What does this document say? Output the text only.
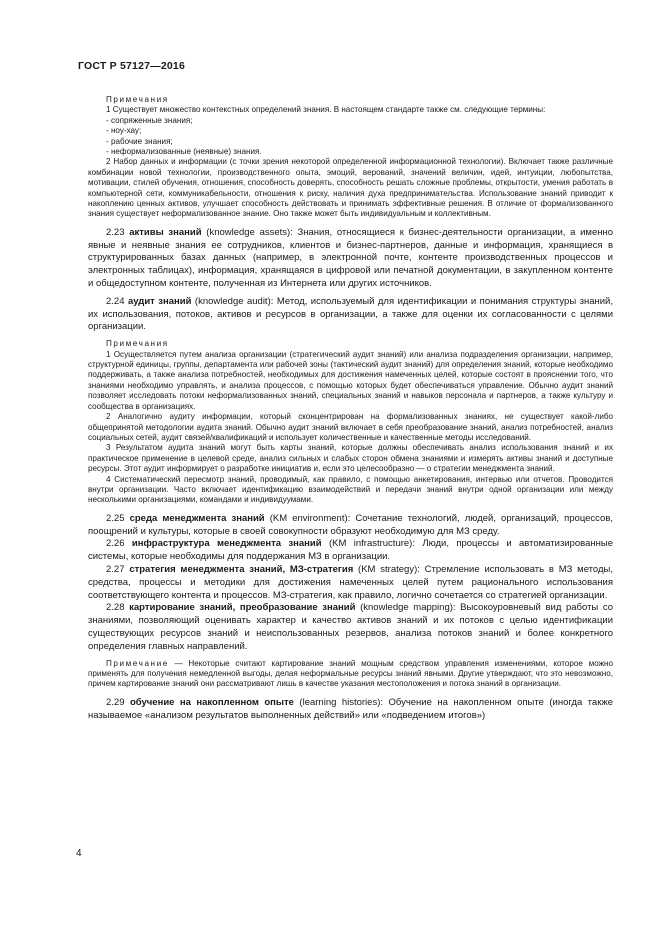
ГОСТ Р 57127—2016

Примечания

1 Существует множество контекстных определений знания. В настоящем стандарте также см. следующие термины:

- сопряженные знания;

- ноу-хау;

- рабочие знания;

- неформализованные (неявные) знания.

2 Набор данных и информации (с точки зрения некоторой определенной информационной технологии). Включает также различные комбинации новой технологии, производственного опыта, эмоций, верований, значений величин, идей, интуиции, любопытства, мотивации, стилей обучения, отношения, способность доверять, способность решать сложные проблемы, открытости, умения работать в компьютерной сети, коммуникабельности, отношения к риску, наличия духа предпринимательства. Использование знаний приводит к накоплению ценных активов, улучшает способность действовать и принимать эффективные решения. В отличие от формализованного знания существует неформализованное знание. Оно также может быть индивидуальным и коллективным.

2.23 активы знаний (knowledge assets): Знания, относящиеся к бизнес-деятельности организации, а именно явные и неявные знания ее сотрудников, клиентов и бизнес-партнеров, данные и информация, хранящиеся в структурированных базах данных (например, в электронной почте, контенте производственных процессов и электронных таблицах), информация, хранящаяся в цифровой или печатной документации, в закупленном контенте и общедоступном контенте, полученная из Интернета или других источников.

2.24 аудит знаний (knowledge audit): Метод, используемый для идентификации и понимания структуры знаний, их использования, потоков, активов и ресурсов в организации, а также для оценки их согласованности с целями организации.

Примечания

1 Осуществляется путем анализа организации (стратегический аудит знаний) или анализа подразделения организации, например, структурной единицы, группы, департамента или рабочей зоны (тактический аудит знаний) для определения знаний, которые необходимо поддерживать, а также анализа потребностей, необходимых для достижения намеченных целей, которые состоят в прояснении того, что знаниями необходимо управлять, и анализа процессов, с помощью которых будет обеспечиваться управление. Обычно аудит знаний позволяет исследовать потоки неформализованных знаний, специальных знаний и навыков персонала и партнеров, а также культуру и сообщества в организациях.

2 Аналогично аудиту информации, который сконцентрирован на формализованных знаниях, не существует какой-либо общепринятой методологии аудита знаний. Обычно аудит знаний включает в себя преобразование знаний, анализ потребностей, анализ социальных сетей, аудит связей/квалификаций и использует количественные и качественные методы исследований.

3 Результатом аудита знаний могут быть карты знаний, которые должны обеспечивать анализ использования знаний и их практическое применение в целевой среде, анализ сильных и слабых сторон обмена знаниями и измерять активы знаний и доступные ресурсы. Этот аудит информирует о разработке инициатив и, если это целесообразно — о стратегии менеджмента знаний.

4 Систематический пересмотр знаний, проводимый, как правило, с помощью анкетирования, интервью или отчетов. Проводится внутри организации. Часто включает идентификацию взаимодействий и передачи знаний внутри одной организации или между несколькими организациями, командами и индивидуумами.

2.25 среда менеджмента знаний (KM environment): Сочетание технологий, людей, организаций, процессов, поощрений и культуры, которые в своей совокупности образуют необходимую для МЗ среду.

2.26 инфраструктура менеджмента знаний (KM infrastructure): Люди, процессы и автоматизированные системы, которые необходимы для поддержания МЗ в организации.

2.27 стратегия менеджмента знаний, МЗ-стратегия (KM strategy): Стремление использовать в МЗ методы, средства, процессы и методики для достижения намеченных целей путем рационального использования соответствующего контента и процессов. МЗ-стратегия, как правило, логично сочетается со стратегией организации.

2.28 картирование знаний, преобразование знаний (knowledge mapping): Высокоуровневый вид работы со знаниями, позволяющий оценивать характер и качество активов знаний и их потоков с целью идентификации существующих ресурсов знаний и неиспользованных резервов, анализа потоков знаний и более конкретного определения главных направлений.

Примечание — Некоторые считают картирование знаний мощным средством управления изменениями, которое можно применять для получения немедленной выгоды, делая неформальные ресурсы знаний явными. Другие утверждают, что это невозможно, причем картирование знаний они рассматривают лишь в качестве указания местоположения и потока знаний в организации.

2.29 обучение на накопленном опыте (learning histories): Обучение на накопленном опыте (иногда также называемое «анализом результатов выполненных действий» или «подведением итогов»)

4
